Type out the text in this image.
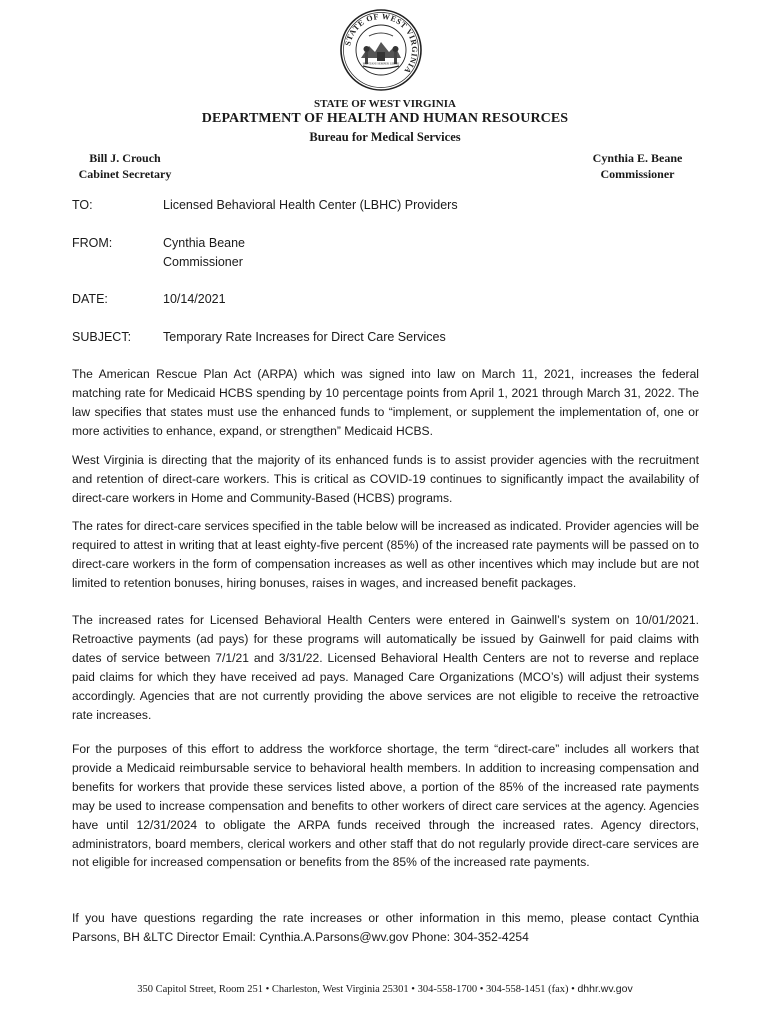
STATE OF WEST VIRGINIA
MONTANI SEMPER LIBERI
STATE OF WEST VIRGINIA
DEPARTMENT OF HEALTH AND HUMAN RESOURCES
Bureau for Medical Services
Bill J. Crouch
Cabinet Secretary
Cynthia E. Beane
Commissioner
TO:	Licensed Behavioral Health Center (LBHC) Providers
FROM:	Cynthia Beane
Commissioner
DATE:	10/14/2021
SUBJECT:	Temporary Rate Increases for Direct Care Services

The American Rescue Plan Act (ARPA) which was signed into law on March 11, 2021, increases the federal matching rate for Medicaid HCBS spending by 10 percentage points from April 1, 2021 through March 31, 2022. The law specifies that states must use the enhanced funds to “implement, or supplement the implementation of, one or more activities to enhance, expand, or strengthen” Medicaid HCBS.

West Virginia is directing that the majority of its enhanced funds is to assist provider agencies with the recruitment and retention of direct-care workers. This is critical as COVID-19 continues to significantly impact the availability of direct-care workers in Home and Community-Based (HCBS) programs.

The rates for direct-care services specified in the table below will be increased as indicated. Provider agencies will be required to attest in writing that at least eighty-five percent (85%) of the increased rate payments will be passed on to direct-care workers in the form of compensation increases as well as other incentives which may include but are not limited to retention bonuses, hiring bonuses, raises in wages, and increased benefit packages.

The increased rates for Licensed Behavioral Health Centers were entered in Gainwell’s system on 10/01/2021. Retroactive payments (ad pays) for these programs will automatically be issued by Gainwell for paid claims with dates of service between 7/1/21 and 3/31/22. Licensed Behavioral Health Centers are not to reverse and replace paid claims for which they have received ad pays. Managed Care Organizations (MCO’s) will adjust their systems accordingly. Agencies that are not currently providing the above services are not eligible to receive the retroactive rate increases.

For the purposes of this effort to address the workforce shortage, the term “direct-care” includes all workers that provide a Medicaid reimbursable service to behavioral health members. In addition to increasing compensation and benefits for workers that provide these services listed above, a portion of the 85% of the increased rate payments may be used to increase compensation and benefits to other workers of direct care services at the agency. Agencies have until 12/31/2024 to obligate the ARPA funds received through the increased rates. Agency directors, administrators, board members, clerical workers and other staff that do not regularly provide direct-care services are not eligible for increased compensation or benefits from the 85% of the increased rate payments.

If you have questions regarding the rate increases or other information in this memo, please contact Cynthia Parsons, BH &LTC Director Email: Cynthia.A.Parsons@wv.gov Phone: 304-352-4254

350 Capitol Street, Room 251 • Charleston, West Virginia 25301 • 304-558-1700 • 304-558-1451 (fax) • dhhr.wv.gov
